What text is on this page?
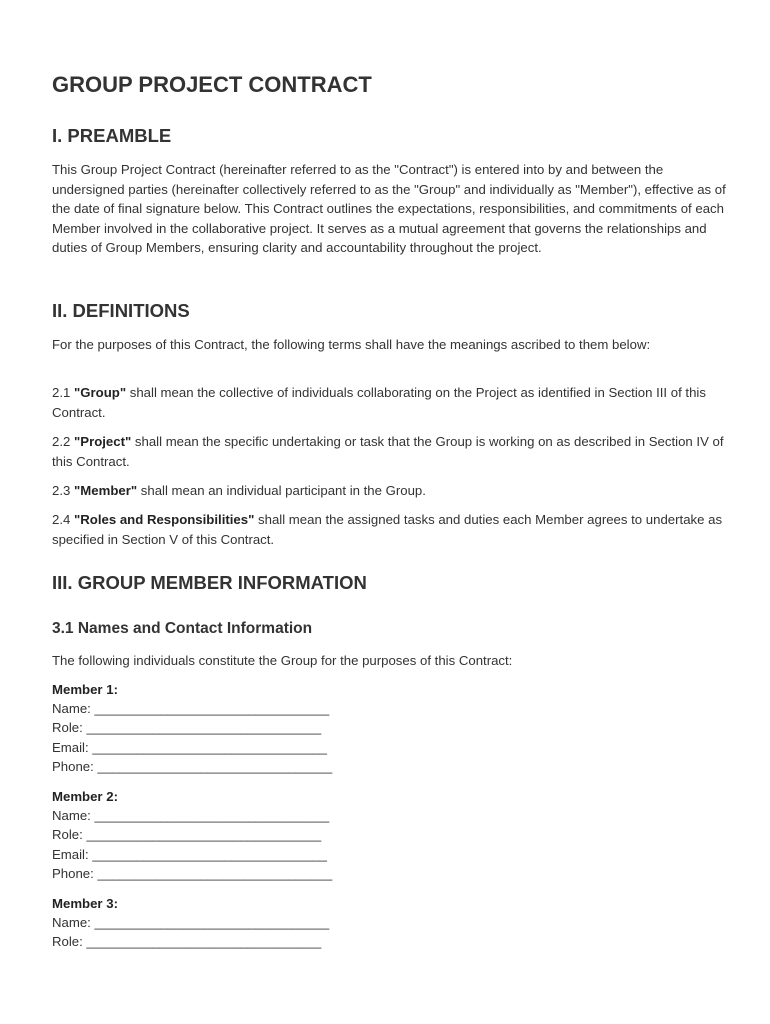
GROUP PROJECT CONTRACT
I. PREAMBLE

This Group Project Contract (hereinafter referred to as the "Contract") is entered into by and between the undersigned parties (hereinafter collectively referred to as the "Group" and individually as "Member"), effective as of the date of final signature below. This Contract outlines the expectations, responsibilities, and commitments of each Member involved in the collaborative project. It serves as a mutual agreement that governs the relationships and duties of Group Members, ensuring clarity and accountability throughout the project.

II. DEFINITIONS

For the purposes of this Contract, the following terms shall have the meanings ascribed to them below:

2.1 "Group" shall mean the collective of individuals collaborating on the Project as identified in Section III of this Contract.

2.2 "Project" shall mean the specific undertaking or task that the Group is working on as described in Section IV of this Contract.

2.3 "Member" shall mean an individual participant in the Group.

2.4 "Roles and Responsibilities" shall mean the assigned tasks and duties each Member agrees to undertake as specified in Section V of this Contract.

III. GROUP MEMBER INFORMATION
3.1 Names and Contact Information

The following individuals constitute the Group for the purposes of this Contract:

Member 1:
Name: ________________________________
Role: ________________________________
Email: ________________________________
Phone: ________________________________
Member 2:
Name: ________________________________
Role: ________________________________
Email: ________________________________
Phone: ________________________________
Member 3:
Name: ________________________________
Role: ________________________________
